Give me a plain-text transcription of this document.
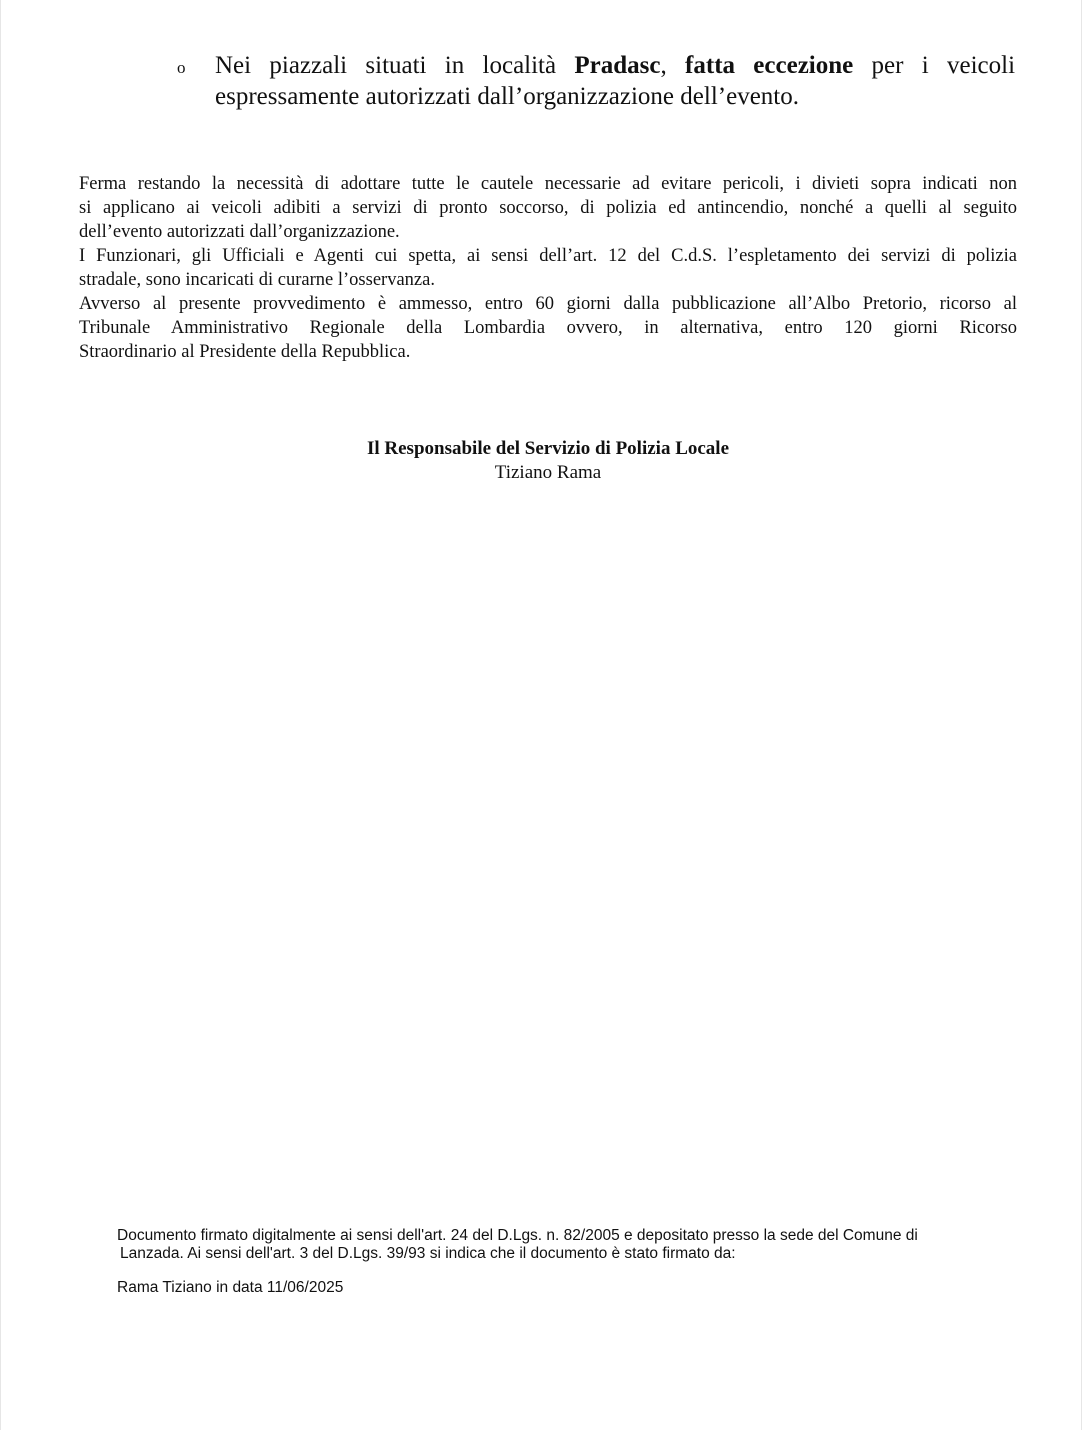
o Nei piazzali situati in località Pradasc, fatta eccezione per i veicoli
espressamente autorizzati dall’organizzazione dell’evento.
Ferma restando la necessità di adottare tutte le cautele necessarie ad evitare pericoli, i divieti sopra indicati non
si applicano ai veicoli adibiti a servizi di pronto soccorso, di polizia ed antincendio, nonché a quelli al seguito
dell’evento autorizzati dall’organizzazione.
I Funzionari, gli Ufficiali e Agenti cui spetta, ai sensi dell’art. 12 del C.d.S. l’espletamento dei servizi di polizia
stradale, sono incaricati di curarne l’osservanza.
Avverso al presente provvedimento è ammesso, entro 60 giorni dalla pubblicazione all’Albo Pretorio, ricorso al
Tribunale Amministrativo Regionale della Lombardia ovvero, in alternativa, entro 120 giorni Ricorso
Straordinario al Presidente della Repubblica.
Il Responsabile del Servizio di Polizia Locale
Tiziano Rama
Documento firmato digitalmente ai sensi dell'art. 24 del D.Lgs. n. 82/2005 e depositato presso la sede del Comune di
Lanzada. Ai sensi dell'art. 3 del D.Lgs. 39/93 si indica che il documento è stato firmato da:
Rama Tiziano in data 11/06/2025
